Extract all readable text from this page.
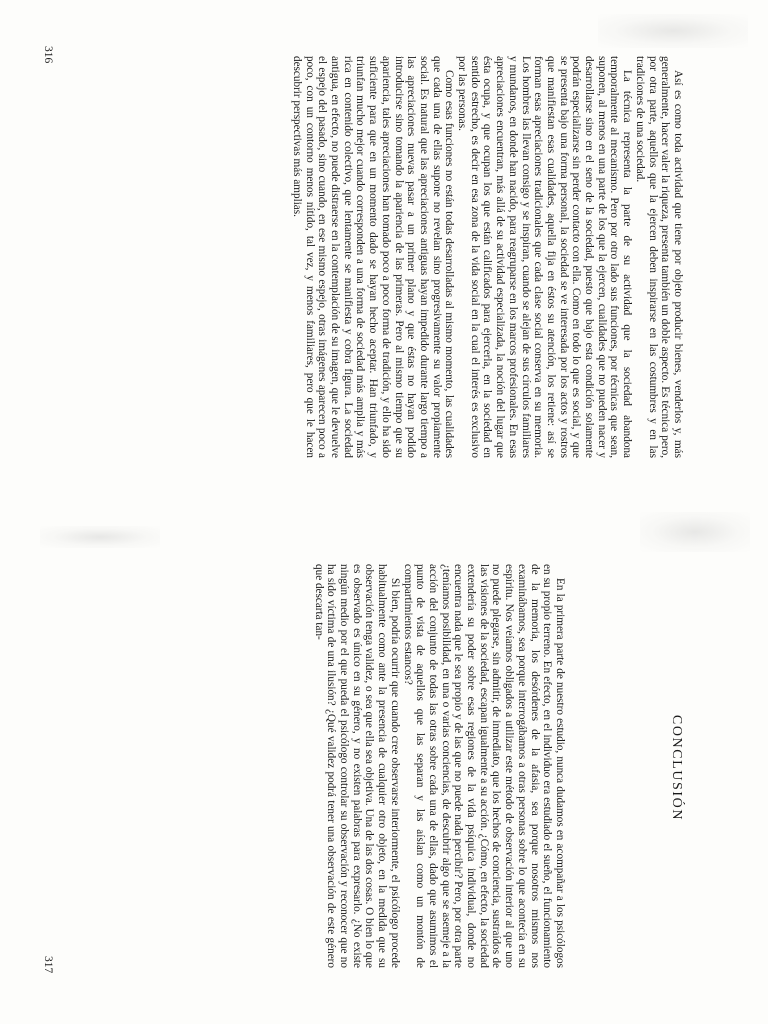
Así es como toda actividad que tiene por objeto producir bienes, venderlos y, más generalmente, hacer valer la riqueza, presenta también un doble aspecto. Es técnica pero, por otra parte, aquellos que la ejercen deben inspirarse en las costumbres y en las tradiciones de una sociedad.

La técnica representa la parte de su actividad que la sociedad abandona temporalmente al mecanismo. Pero por otro lado sus funciones, por técnicas que sean, suponen, al menos en una parte de los que la ejercen, cualidades que no pueden nacer y desarrollarse sino en el seno de la sociedad, puesto que bajo esta condición solamente podrán especializarse sin perder contacto con ella. Como en todo lo que es social, y que se presenta bajo una forma personal, la sociedad se ve interesada por los actos y rostros que manifiestan esas cualidades, aquella fija en éstos su atención, los retiene: así se forman esas apreciaciones tradicionales que cada clase social conserva en su memoria. Los hombres las llevan consigo y se inspiran, cuando se alejan de sus círculos familiares y mundanos, en donde han nacido, para reagruparse en los marcos profesionales. En esas apreciaciones encuentran, más allá de su actividad especializada, la noción del lugar que ésta ocupa, y que ocupan los que están calificados para ejercerla, en la sociedad en sentido estrecho, es decir en esa zona de la vida social en la cual el interés es exclusivo por las personas.

Como esas funciones no están todas desarrolladas al mismo momento, las cualidades que cada una de ellas supone no revelan sino progresivamente su valor propiamente social. Es natural que las apreciaciones antiguas hayan impedido durante largo tiempo a las apreciaciones nuevas pasar a un primer plano y que éstas no hayan podido introducirse sino tomando la apariencia de las primeras. Pero al mismo tiempo que su apariencia, tales apreciaciones han tomado poco a poco forma de tradición, y ello ha sido suficiente para que en un momento dado se hayan hecho aceptar. Han triunfado, y triunfan mucho mejor cuando corresponden a una forma de sociedad más amplia y más rica en contenido colectivo, que lentamente se manifiesta y cobra figura. La sociedad antigua, en efecto, no puede distraerse en la contemplación de su imagen, que le devuelve el espejo del pasado, sino cuando, en ese mismo espejo, otras imágenes aparecen poco a poco, con un contorno menos nítido, tal vez, y menos familiares, pero que le hacen descubrir perspectivas más amplias.

316
CONCLUSIÓN

En la primera parte de nuestro estudio, nunca dudamos en acompañar a los psicólogos en su propio terreno. En efecto, en el individuo era estudiado el sueño, el funcionamiento de la memoria, los desórdenes de la afasia, sea porque nosotros mismos nos examinábamos, sea porque interrogábamos a otras personas sobre lo que acontecía en su espíritu. Nos veíamos obligados a utilizar este método de observación interior al que uno no puede plegarse, sin admitir, de inmediato, que los hechos de conciencia, sustraídos de las visiones de la sociedad, escapan igualmente a su acción. ¿Cómo, en efecto, la sociedad extendería su poder sobre esas regiones de la vida psíquica individual, donde no encuentra nada que le sea propio y de las que no puede nada percibir? Pero, por otra parte ¿teníamos posibilidad, en una o varias conciencias, de descubrir algo que se asemeje a la acción del conjunto de todas las otras sobre cada una de ellas, dado que asumimos el punto de vista de aquellos que las separan y las aíslan como un montón de compartimientos estancos?

Si bien, podría ocurrir que cuando cree observarse interiormente, el psicólogo procede habitualmente como ante la presencia de cualquier otro objeto, en la medida que su observación tenga validez, o sea que ella sea objetiva. Una de las dos cosas. O bien lo que es observado es único en su género, y no existen palabras para expresarlo. ¿No existe ningún medio por el que pueda el psicólogo controlar su observación y reconocer que no ha sido víctima de una ilusión? ¿Qué validez podrá tener una observación de este género que descarta tan-

317
